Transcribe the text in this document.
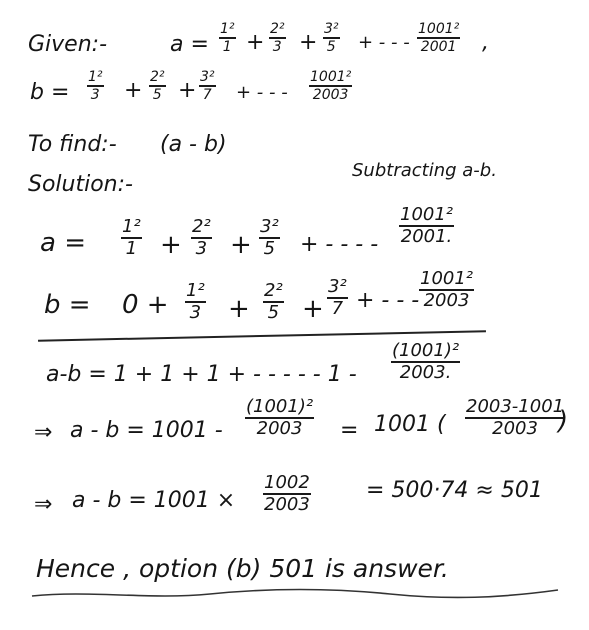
Given:-	a =
1²
1 +
2²
3 +
3²
5 + - - -
1001²
2001 ,
b =
1²
3 +
2²
5 +
3²
7 + - - -
1001²
2003
To find:- (a - b)
Solution:-
Subtracting a-b.
a =
1²
1 +
2²
3 +
3²
5 + - - - -
1001²
2001.
b = 0 + 1²
3 +
2²
5 +
3²
7 + - - -
1001²
2003
a-b = 1 + 1 + 1 + - - - - - 1 -
(1001)²
2003.
⇒ a - b = 1001 -
(1001)²
2003	= 1001 (
2003-1001
2003 )
⇒ a - b = 1001 ×
1002
2003
= 500·74 ≈ 501
Hence , option (b) 501 is answer.
